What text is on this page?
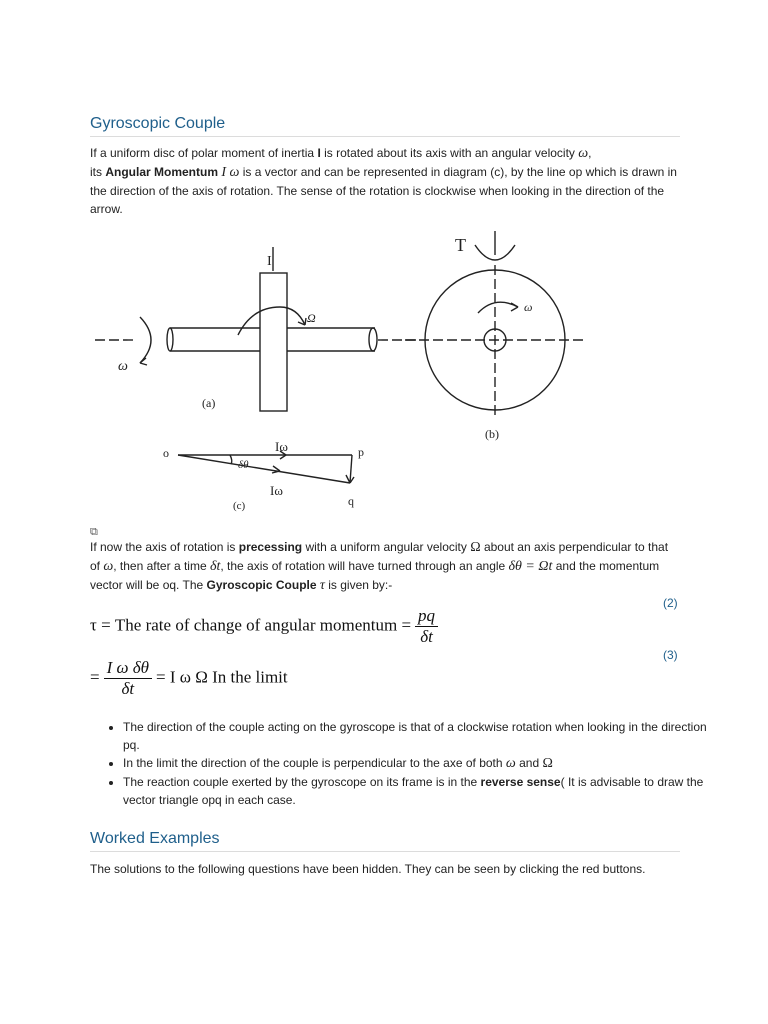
Gyroscopic Couple

If a uniform disc of polar moment of inertia I is rotated about its axis with an angular velocity ω,
its Angular Momentum I ω is a vector and can be represented in diagram (c), by the line op which is drawn in the direction of the axis of rotation. The sense of the rotation is clockwise when looking in the direction of the arrow.

I
ω
Ω
(a)
T
ω
(b)
o	p
q
Iω
Iω
δθ
(c)
⧉

If now the axis of rotation is precessing with a uniform angular velocity Ω about an axis perpendicular to that of ω, then after a time δt, the axis of rotation will have turned through an angle δθ = Ωt and the momentum vector will be oq. The Gyroscopic Couple τ is given by:-

(2)
τ = The rate of change of angular momentum = $\frac{pq}{\delta t}$
(3)
= $\frac{\text{I ω δθ}}{\delta t} = I$ ω Ω In the limit
• The direction of the couple acting on the gyroscope is that of a clockwise rotation when looking in the direction pq.
• In the limit the direction of the couple is perpendicular to the axe of both ω and Ω
• The reaction couple exerted by the gyroscope on its frame is in the reverse sense( It is advisable to draw the vector triangle opq in each case.
Worked Examples

The solutions to the following questions have been hidden. They can be seen by clicking the red buttons.
